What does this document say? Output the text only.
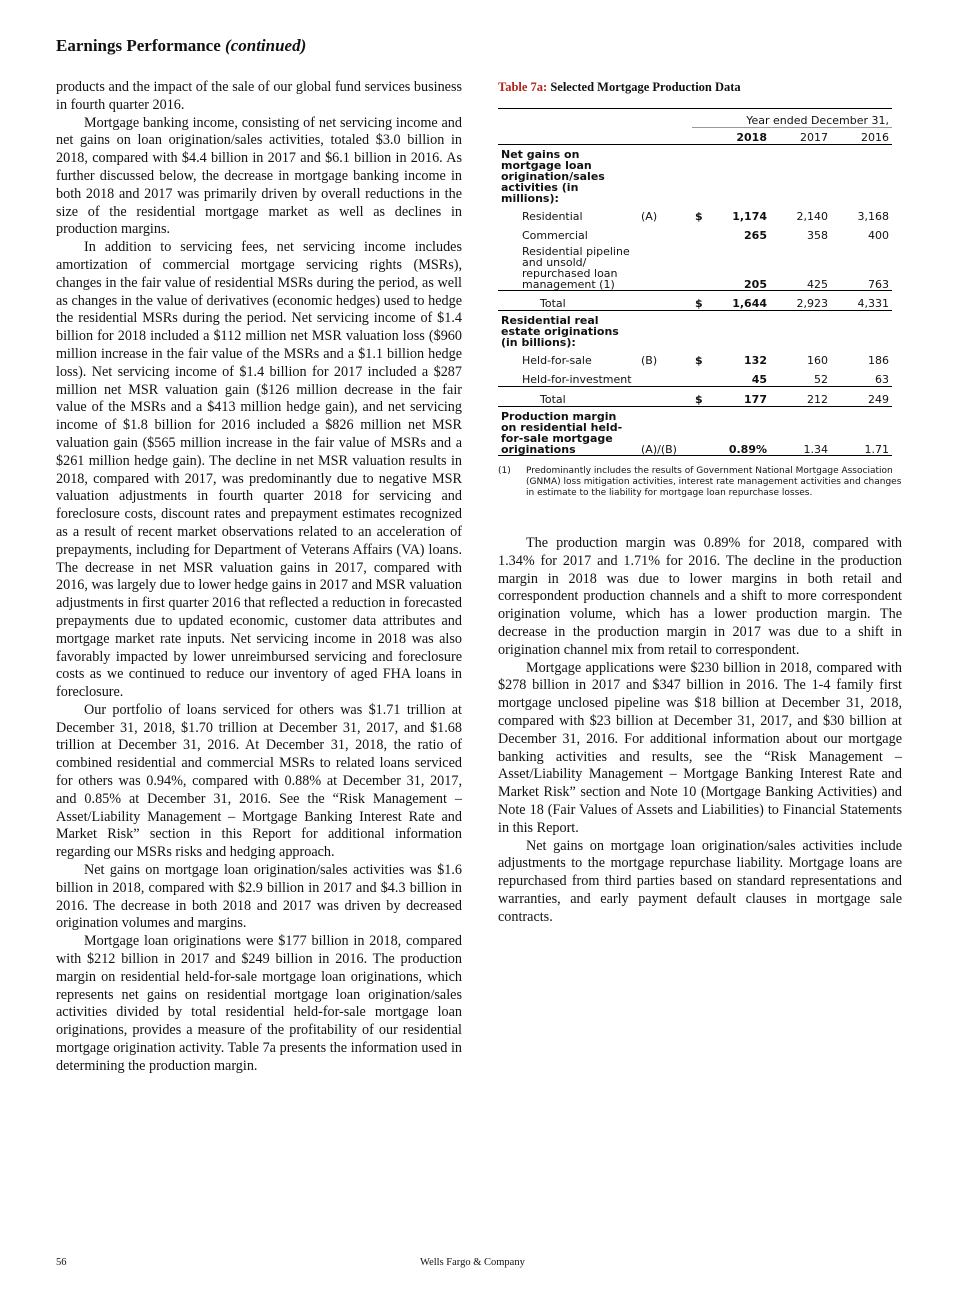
Earnings Performance (continued)

products and the impact of the sale of our global fund services business in fourth quarter 2016.

Mortgage banking income, consisting of net servicing income and net gains on loan origination/sales activities, totaled $3.0 billion in 2018, compared with $4.4 billion in 2017 and $6.1 billion in 2016. As further discussed below, the decrease in mortgage banking income in both 2018 and 2017 was primarily driven by overall reductions in the size of the residential mortgage market as well as declines in production margins.

In addition to servicing fees, net servicing income includes amortization of commercial mortgage servicing rights (MSRs), changes in the fair value of residential MSRs during the period, as well as changes in the value of derivatives (economic hedges) used to hedge the residential MSRs during the period. Net servicing income of $1.4 billion for 2018 included a $112 million net MSR valuation loss ($960 million increase in the fair value of the MSRs and a $1.1 billion hedge loss). Net servicing income of $1.4 billion for 2017 included a $287 million net MSR valuation gain ($126 million decrease in the fair value of the MSRs and a $413 million hedge gain), and net servicing income of $1.8 billion for 2016 included a $826 million net MSR valuation gain ($565 million increase in the fair value of MSRs and a $261 million hedge gain). The decline in net MSR valuation results in 2018, compared with 2017, was predominantly due to negative MSR valuation adjustments in fourth quarter 2018 for servicing and foreclosure costs, discount rates and prepayment estimates recognized as a result of recent market observations related to an acceleration of prepayments, including for Department of Veterans Affairs (VA) loans. The decrease in net MSR valuation gains in 2017, compared with 2016, was largely due to lower hedge gains in 2017 and MSR valuation adjustments in first quarter 2016 that reflected a reduction in forecasted prepayments due to updated economic, customer data attributes and mortgage market rate inputs. Net servicing income in 2018 was also favorably impacted by lower unreimbursed servicing and foreclosure costs as we continued to reduce our inventory of aged FHA loans in foreclosure.

Our portfolio of loans serviced for others was $1.71 trillion at December 31, 2018, $1.70 trillion at December 31, 2017, and $1.68 trillion at December 31, 2016. At December 31, 2018, the ratio of combined residential and commercial MSRs to related loans serviced for others was 0.94%, compared with 0.88% at December 31, 2017, and 0.85% at December 31, 2016. See the “Risk Management – Asset/Liability Management – Mortgage Banking Interest Rate and Market Risk” section in this Report for additional information regarding our MSRs risks and hedging approach.

Net gains on mortgage loan origination/sales activities was $1.6 billion in 2018, compared with $2.9 billion in 2017 and $4.3 billion in 2016. The decrease in both 2018 and 2017 was driven by decreased origination volumes and margins.

Mortgage loan originations were $177 billion in 2018, compared with $212 billion in 2017 and $249 billion in 2016. The production margin on residential held-for-sale mortgage loan originations, which represents net gains on residential mortgage loan origination/sales activities divided by total residential held-for-sale mortgage loan originations, provides a measure of the profitability of our residential mortgage origination activity. Table 7a presents the information used in determining the production margin.

Table 7a: Selected Mortgage Production Data
		Year ended December 31,		
		2018	2017	2016
Net gains on mortgage loan origination/sales activities (in millions):				
Residential	(A)	$ 1,174	2,140	3,168
Commercial		265	358	400
Residential pipeline and unsold/ repurchased loan management (1)		205	425	763
Total		$ 1,644	2,923	4,331
Residential real estate originations (in billions):				
Held-for-sale	(B)	$ 132	160	186
Held-for-investment		45	52	63
Total		$ 177	212	249
Production margin on residential held-for-sale mortgage originations	(A)/(B)	0.89%	1.34	1.71
(1)	Predominantly includes the results of Government National Mortgage Association (GNMA) loss mitigation activities, interest rate management activities and changes in estimate to the liability for mortgage loan repurchase losses.

The production margin was 0.89% for 2018, compared with 1.34% for 2017 and 1.71% for 2016. The decline in the production margin in 2018 was due to lower margins in both retail and correspondent production channels and a shift to more correspondent origination volume, which has a lower production margin. The decrease in the production margin in 2017 was due to a shift in origination channel mix from retail to correspondent.

Mortgage applications were $230 billion in 2018, compared with $278 billion in 2017 and $347 billion in 2016. The 1-4 family first mortgage unclosed pipeline was $18 billion at December 31, 2018, compared with $23 billion at December 31, 2017, and $30 billion at December 31, 2016. For additional information about our mortgage banking activities and results, see the “Risk Management – Asset/Liability Management – Mortgage Banking Interest Rate and Market Risk” section and Note 10 (Mortgage Banking Activities) and Note 18 (Fair Values of Assets and Liabilities) to Financial Statements in this Report.

Net gains on mortgage loan origination/sales activities include adjustments to the mortgage repurchase liability. Mortgage loans are repurchased from third parties based on standard representations and warranties, and early payment default clauses in mortgage sale contracts.

56	Wells Fargo & Company
